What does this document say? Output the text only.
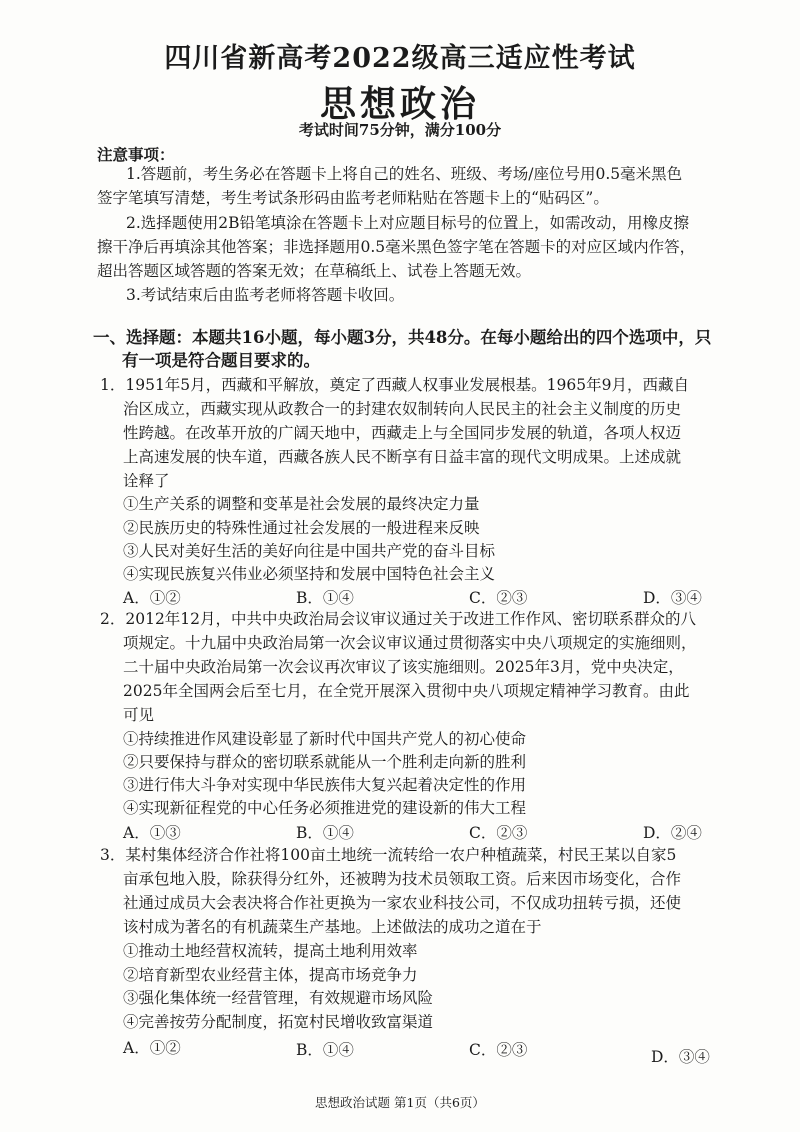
四川省新高考2022级高三适应性考试
思想政治
考试时间75分钟，满分100分
注意事项：
1.答题前，考生务必在答题卡上将自己的姓名、班级、考场/座位号用0.5毫米黑色
签字笔填写清楚，考生考试条形码由监考老师粘贴在答题卡上的“贴码区”。
2.选择题使用2B铅笔填涂在答题卡上对应题目标号的位置上，如需改动，用橡皮擦
擦干净后再填涂其他答案；非选择题用0.5毫米黑色签字笔在答题卡的对应区域内作答，
超出答题区域答题的答案无效；在草稿纸上、试卷上答题无效。
3.考试结束后由监考老师将答题卡收回。
一、选择题：本题共16小题，每小题3分，共48分。在每小题给出的四个选项中，只
有一项是符合题目要求的。
1．1951年5月，西藏和平解放，奠定了西藏人权事业发展根基。1965年9月，西藏自
治区成立，西藏实现从政教合一的封建农奴制转向人民民主的社会主义制度的历史
性跨越。在改革开放的广阔天地中，西藏走上与全国同步发展的轨道，各项人权迈
上高速发展的快车道，西藏各族人民不断享有日益丰富的现代文明成果。上述成就
诠释了
①生产关系的调整和变革是社会发展的最终决定力量
②民族历史的特殊性通过社会发展的一般进程来反映
③人民对美好生活的美好向往是中国共产党的奋斗目标
④实现民族复兴伟业必须坚持和发展中国特色社会主义
A．①②	B．①④	C．②③	D．③④
2．2012年12月，中共中央政治局会议审议通过关于改进工作作风、密切联系群众的八
项规定。十九届中央政治局第一次会议审议通过贯彻落实中央八项规定的实施细则，
二十届中央政治局第一次会议再次审议了该实施细则。2025年3月，党中央决定，
2025年全国两会后至七月，在全党开展深入贯彻中央八项规定精神学习教育。由此
可见
①持续推进作风建设彰显了新时代中国共产党人的初心使命
②只要保持与群众的密切联系就能从一个胜利走向新的胜利
③进行伟大斗争对实现中华民族伟大复兴起着决定性的作用
④实现新征程党的中心任务必须推进党的建设新的伟大工程
A．①③	B．①④	C．②③	D．②④
3．某村集体经济合作社将100亩土地统一流转给一农户种植蔬菜，村民王某以自家5
亩承包地入股，除获得分红外，还被聘为技术员领取工资。后来因市场变化，合作
社通过成员大会表决将合作社更换为一家农业科技公司，不仅成功扭转亏损，还使
该村成为著名的有机蔬菜生产基地。上述做法的成功之道在于
①推动土地经营权流转，提高土地利用效率
②培育新型农业经营主体，提高市场竞争力
③强化集体统一经营管理，有效规避市场风险
④完善按劳分配制度，拓宽村民增收致富渠道
A．①②	B．①④	C．②③	D．③④
思想政治试题 第1页（共6页）
